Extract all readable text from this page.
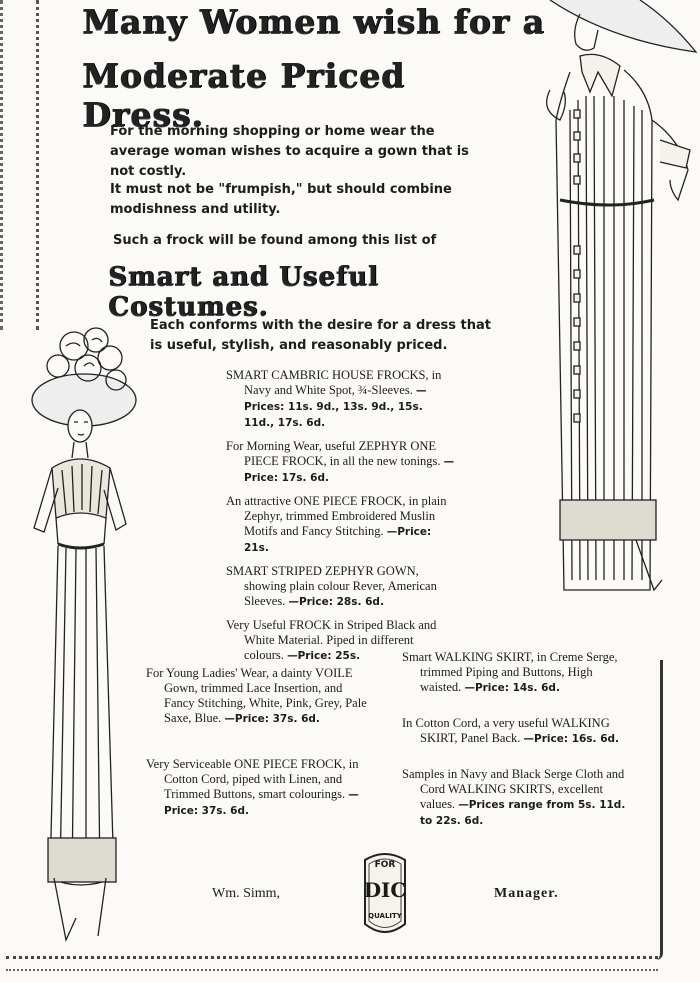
Many Women wish for a
Moderate Priced Dress.
For the morning shopping or home wear the average woman wishes to acquire a gown that is not costly.
It must not be "frumpish," but should combine modishness and utility.
Such a frock will be found among this list of
Smart and Useful Costumes.
Each conforms with the desire for a dress that is useful, stylish, and reasonably priced.
SMART CAMBRIC HOUSE FROCKS, in Navy and White Spot, ¾-Sleeves. —Prices: 11s. 9d., 13s. 9d., 15s. 11d., 17s. 6d.
For Morning Wear, useful ZEPHYR ONE PIECE FROCK, in all the new tonings. —Price: 17s. 6d.
An attractive ONE PIECE FROCK, in plain Zephyr, trimmed Embroidered Muslin Motifs and Fancy Stitching. —Price: 21s.
SMART STRIPED ZEPHYR GOWN, showing plain colour Rever, American Sleeves. —Price: 28s. 6d.
Very Useful FROCK in Striped Black and White Material. Piped in different colours. —Price: 25s.
For Young Ladies' Wear, a dainty VOILE Gown, trimmed Lace Insertion, and Fancy Stitching, White, Pink, Grey, Pale Saxe, Blue. —Price: 37s. 6d.
Very Serviceable ONE PIECE FROCK, in Cotton Cord, piped with Linen, and Trimmed Buttons, smart colourings. —Price: 37s. 6d.
Smart WALKING SKIRT, in Creme Serge, trimmed Piping and Buttons, High waisted. —Price: 14s. 6d.
In Cotton Cord, a very useful WALKING SKIRT, Panel Back. —Price: 16s. 6d.
Samples in Navy and Black Serge Cloth and Cord WALKING SKIRTS, excellent values. —Prices range from 5s. 11d. to 22s. 6d.
Wm. Simm,	Manager.
FOR
DIC
QUALITY
